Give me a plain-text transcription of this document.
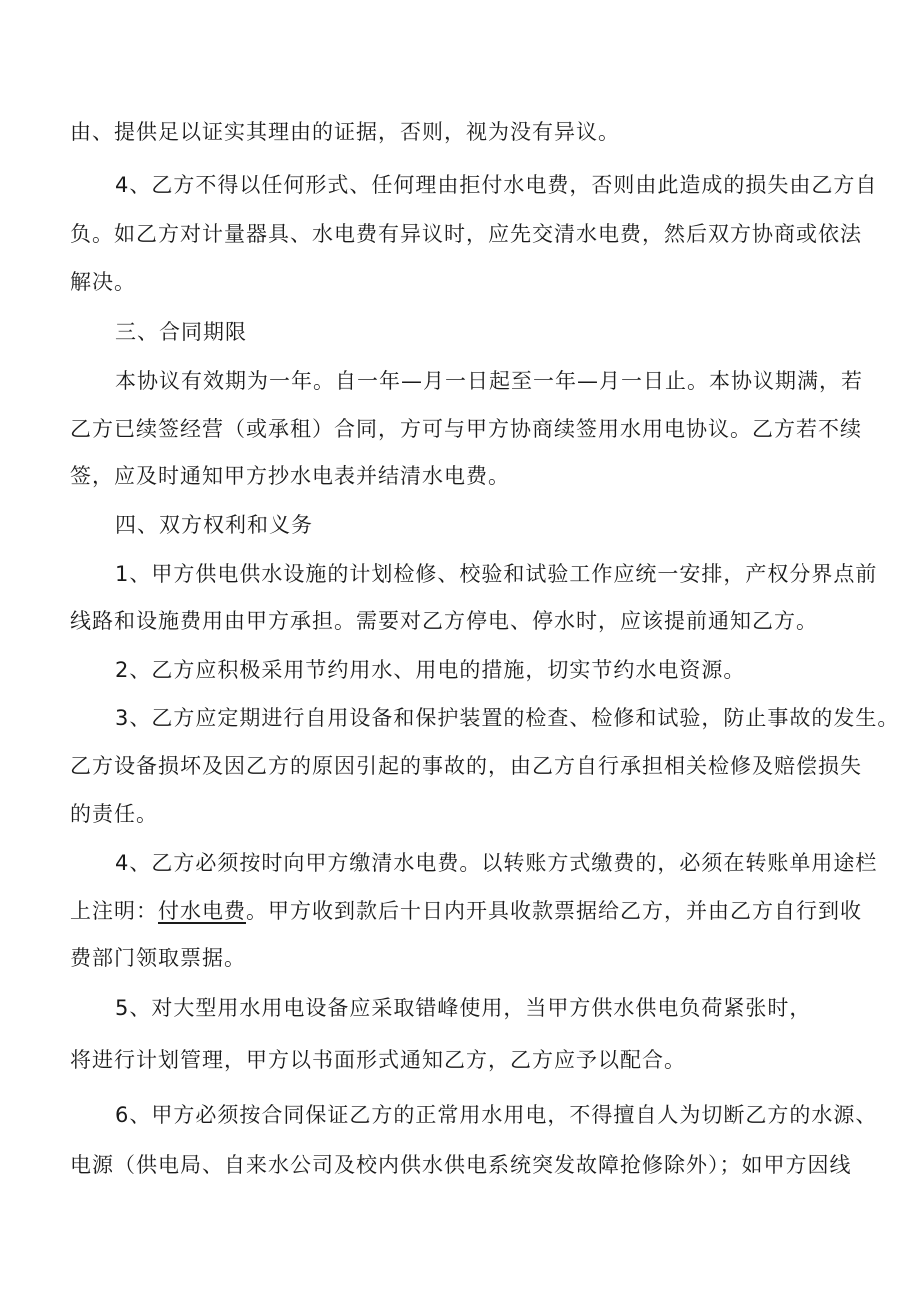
由、提供足以证实其理由的证据，否则，视为没有异议。
4、乙方不得以任何形式、任何理由拒付水电费，否则由此造成的损失由乙方自
负。如乙方对计量器具、水电费有异议时，应先交清水电费，然后双方协商或依法
解决。
三、合同期限
本协议有效期为一年。自一年—月一日起至一年—月一日止。本协议期满，若
乙方已续签经营（或承租）合同，方可与甲方协商续签用水用电协议。乙方若不续
签，应及时通知甲方抄水电表并结清水电费。
四、双方权利和义务
1、甲方供电供水设施的计划检修、校验和试验工作应统一安排，产权分界点前
线路和设施费用由甲方承担。需要对乙方停电、停水时，应该提前通知乙方。
2、乙方应积极采用节约用水、用电的措施，切实节约水电资源。
3、乙方应定期进行自用设备和保护装置的检查、检修和试验，防止事故的发生。
乙方设备损坏及因乙方的原因引起的事故的，由乙方自行承担相关检修及赔偿损失
的责任。
4、乙方必须按时向甲方缴清水电费。以转账方式缴费的，必须在转账单用途栏
上注明：付水电费。甲方收到款后十日内开具收款票据给乙方，并由乙方自行到收
费部门领取票据。
5、对大型用水用电设备应采取错峰使用，当甲方供水供电负荷紧张时，
将进行计划管理，甲方以书面形式通知乙方，乙方应予以配合。
6、甲方必须按合同保证乙方的正常用水用电，不得擅自人为切断乙方的水源、
电源（供电局、自来水公司及校内供水供电系统突发故障抢修除外）；如甲方因线
